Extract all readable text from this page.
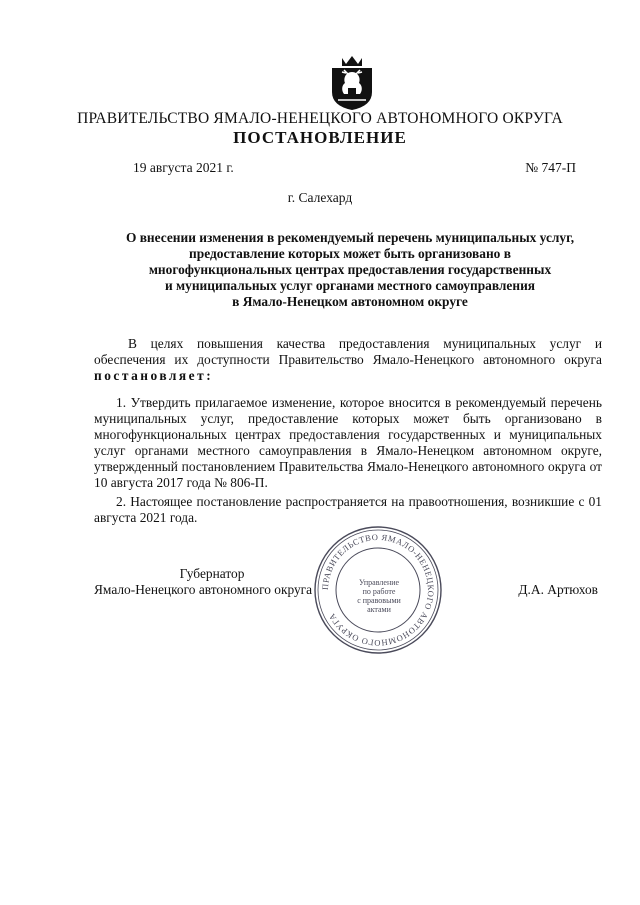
ПРАВИТЕЛЬСТВО ЯМАЛО-НЕНЕЦКОГО АВТОНОМНОГО ОКРУГА
ПОСТАНОВЛЕНИЕ
19 августа 2021 г.	№ 747-П
г. Салехард
О внесении изменения в рекомендуемый перечень муниципальных услуг,
предоставление которых может быть организовано в
многофункциональных центрах предоставления государственных
и муниципальных услуг органами местного самоуправления
в Ямало-Ненецком автономном округе
В целях повышения качества предоставления муниципальных услуг и обеспечения их доступности Правительство Ямало-Ненецкого автономного округа постановляет:
1. Утвердить прилагаемое изменение, которое вносится в рекомендуемый перечень муниципальных услуг, предоставление которых может быть организовано в многофункциональных центрах предоставления государственных и муниципальных услуг органами местного самоуправления в Ямало-Ненецком автономном округе, утвержденный постановлением Правительства Ямало-Ненецкого автономного округа от 10 августа 2017 года № 806-П.
2. Настоящее постановление распространяется на правоотношения, возникшие с 01 августа 2021 года.
Губернатор
Ямало-Ненецкого автономного округа	Д.А. Артюхов
ПРАВИТЕЛЬСТВО ЯМАЛО-НЕНЕЦКОГО АВТОНОМНОГО ОКРУГА
Управление
по работе
с правовыми
актами
